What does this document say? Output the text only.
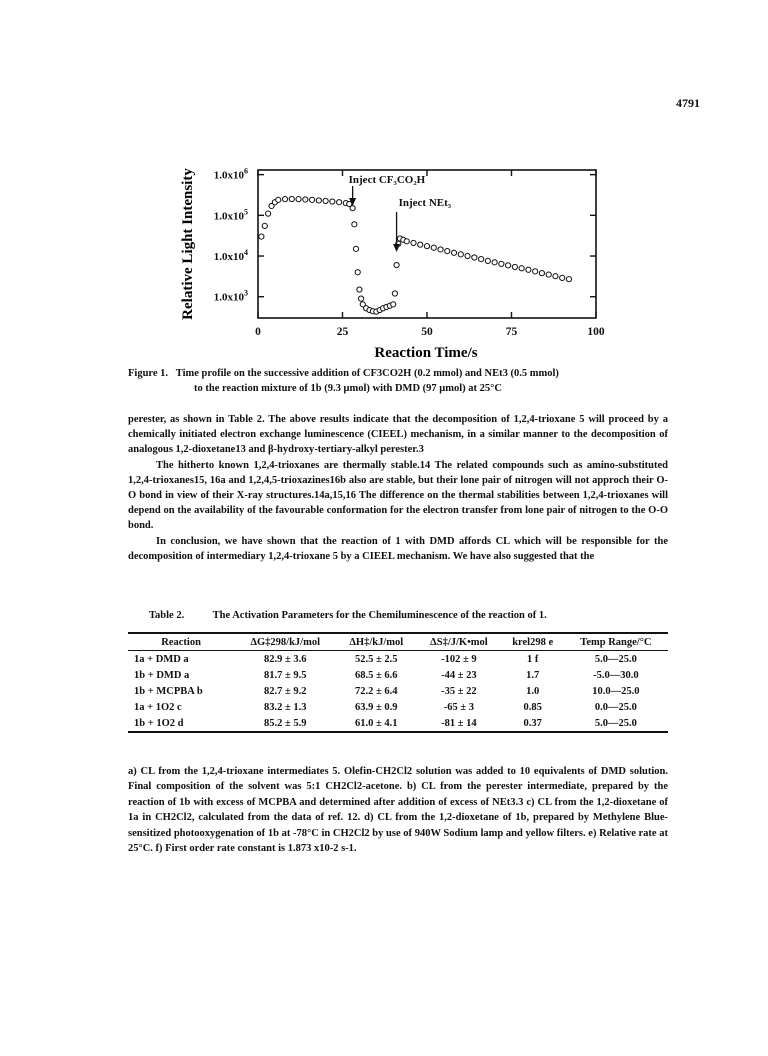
4791
$1.0x10^3$
$1.0x10^4$
$1.0x10^5$
$1.0x10^6$
0	25	50	75	100
Inject CF₃CO₂H
Inject NEt₃
Relative Light Intensity
Reaction Time/s
Figure 1. Time profile on the successive addition of CF3CO2H (0.2 mmol) and NEt3 (0.5 mmol)
to the reaction mixture of 1b (9.3 μmol) with DMD (97 μmol) at 25°C

perester, as shown in Table 2. The above results indicate that the decomposition of 1,2,4-trioxane 5 will proceed by a chemically initiated electron exchange luminescence (CIEEL) mechanism, in a similar manner to the decomposition of analogous 1,2-dioxetane13 and β-hydroxy-tertiary-alkyl perester.3

The hitherto known 1,2,4-trioxanes are thermally stable.14 The related compounds such as amino-substituted 1,2,4-trioxanes15, 16a and 1,2,4,5-trioxazines16b also are stable, but their lone pair of nitrogen will not approch their O-O bond in view of their X-ray structures.14a,15,16 The difference on the thermal stabilities between 1,2,4-trioxanes will depend on the availability of the favourable conformation for the electron transfer from lone pair of nitrogen to the O-O bond.

In conclusion, we have shown that the reaction of 1 with DMD affords CL which will be responsible for the decomposition of intermediary 1,2,4-trioxane 5 by a CIEEL mechanism. We have also suggested that the

Table 2.	The Activation Parameters for the Chemiluminescence of the reaction of 1.
Reaction	ΔG‡298/kJ/mol	ΔH‡/kJ/mol	ΔS‡/J/K•mol	krel298 e	Temp Range/°C
1a + DMD a	82.9 ± 3.6	52.5 ± 2.5	-102 ± 9	1 f	5.0—25.0
1b + DMD a	81.7 ± 9.5	68.5 ± 6.6	-44 ± 23	1.7	-5.0—30.0
1b + MCPBA b	82.7 ± 9.2	72.2 ± 6.4	-35 ± 22	1.0	10.0—25.0
1a + 1O2 c	83.2 ± 1.3	63.9 ± 0.9	-65 ± 3	0.85	0.0—25.0
1b + 1O2 d	85.2 ± 5.9	61.0 ± 4.1	-81 ± 14	0.37	5.0—25.0

a) CL from the 1,2,4-trioxane intermediates 5. Olefin-CH2Cl2 solution was added to 10 equivalents of DMD solution. Final composition of the solvent was 5:1 CH2Cl2-acetone. b) CL from the perester intermediate, prepared by the reaction of 1b with excess of MCPBA and determined after addition of excess of NEt3.3 c) CL from the 1,2-dioxetane of 1a in CH2Cl2, calculated from the data of ref. 12. d) CL from the 1,2-dioxetane of 1b, prepared by Methylene Blue-sensitized photooxygenation of 1b at -78°C in CH2Cl2 by use of 940W Sodium lamp and yellow filters. e) Relative rate at 25°C. f) First order rate constant is 1.873 x10-2 s-1.
